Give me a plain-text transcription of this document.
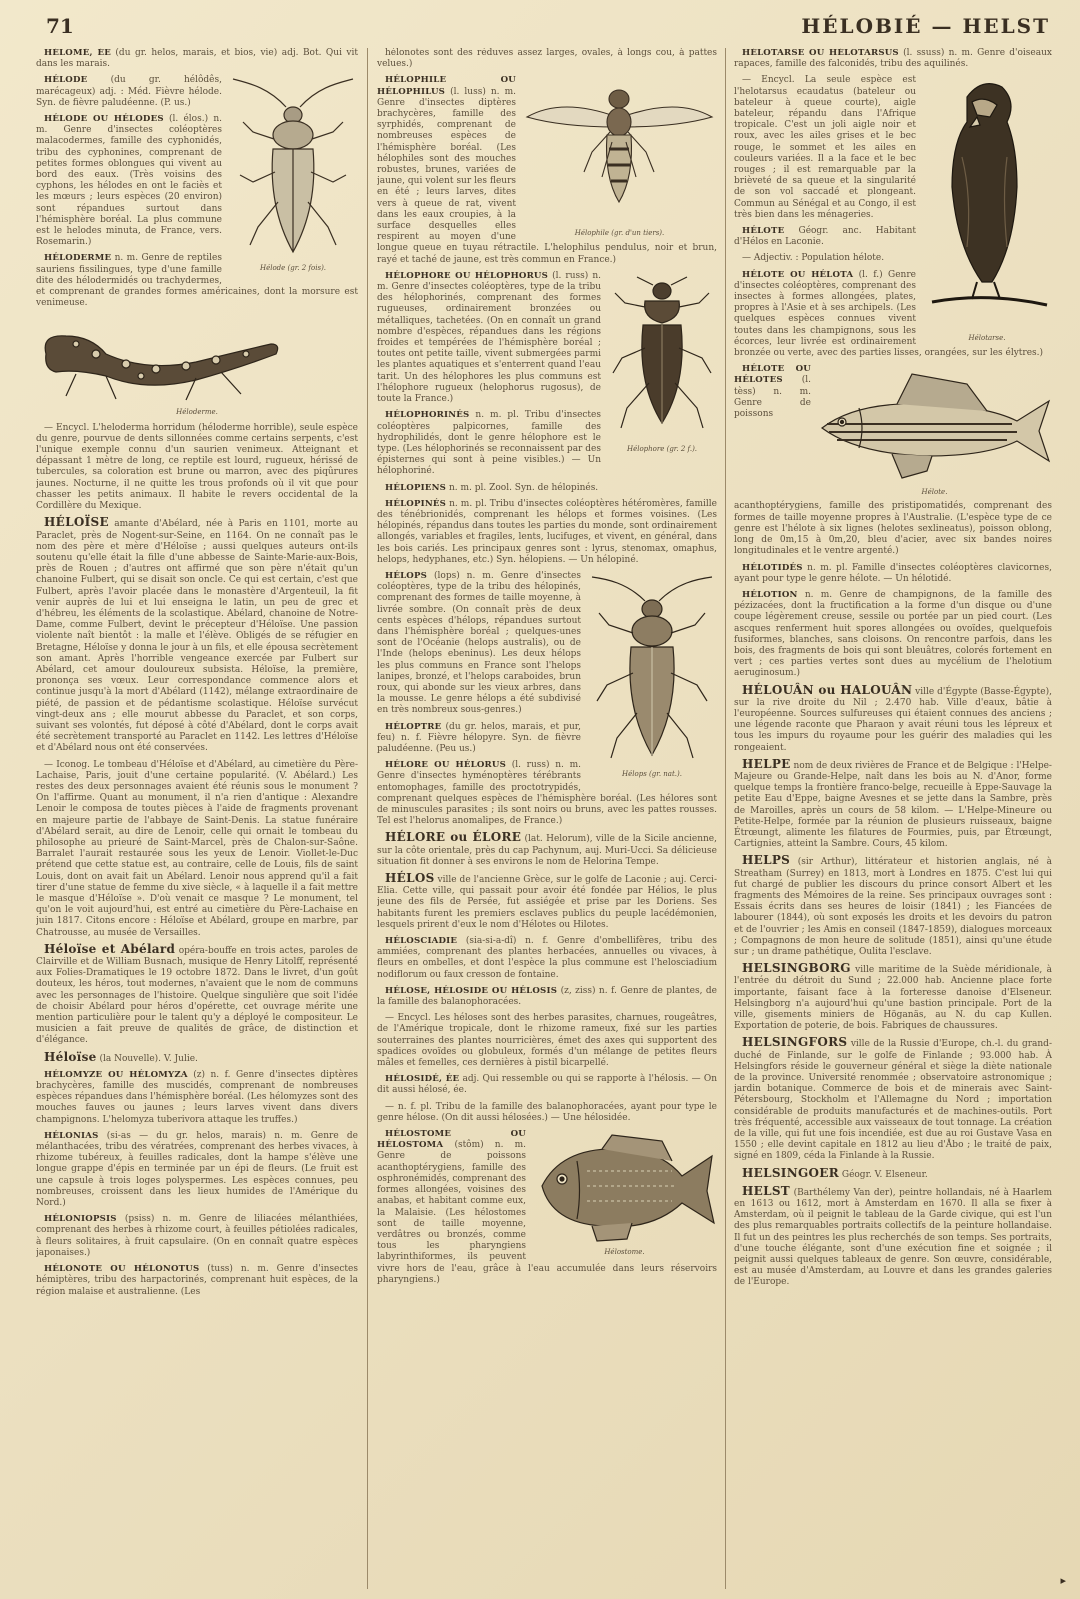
71	HÉLOBIÉ — HELST

HÉLOMÉ, ÉE (du gr. helos, marais, et bios, vie) adj. Bot. Qui vit dans les marais.

Hélode (gr. 2 fois).

HÉLODE	(du gr. hélôdês, marécageux) adj. : Méd. Fièvre hélode. Syn. de fièvre paludéenne. (P. us.)

HÉLODE OU HÉLODES (l. élos.) n. m. Genre d'insectes coléoptères malacodermes, famille des cyphonidés, tribu des cyphonines, comprenant de petites formes oblongues qui vivent au bord des eaux. (Très voisins des cyphons, les hélodes en ont le faciès et les mœurs ; leurs espèces (20 environ) sont répandues surtout dans l'hémisphère boréal. La plus commune est le helodes minuta, de France, vers. Rosemarin.)

HÉLODERME n. m. Genre de reptiles sauriens fissilingues, type d'une famille dite des hélodermidés ou trachydermes, et comprenant de grandes formes américaines, dont la morsure est venimeuse.

Héloderme.

— Encycl. L'heloderma horridum (héloderme horrible), seule espèce du genre, pourvue de dents sillonnées comme certains serpents, c'est l'unique exemple connu d'un saurien venimeux. Atteignant et dépassant 1 mètre de long, ce reptile est lourd, rugueux, hérissé de tubercules, sa coloration est brune ou marron, avec des piqûrures jaunes. Nocturne, il ne quitte les trous profonds où il vit que pour chasser les petits animaux. Il habite le revers occidental de la Cordillère du Mexique.

HÉLOÏSE amante d'Abélard, née à Paris en 1101, morte au Paraclet, près de Nogent-sur-Seine, en 1164. On ne connaît pas le nom des père et mère d'Héloïse ; aussi quelques auteurs ont-ils soutenu qu'elle était la fille d'une abbesse de Sainte-Marie-aux-Bois, près de Rouen ; d'autres ont affirmé que son père n'était qu'un chanoine Fulbert, qui se disait son oncle. Ce qui est certain, c'est que Fulbert, après l'avoir placée dans le monastère d'Argenteuil, la fit venir auprès de lui et lui enseigna le latin, un peu de grec et d'hébreu, les éléments de la scolastique. Abélard, chanoine de Notre-Dame, comme Fulbert, devint le précepteur d'Héloïse. Une passion violente naît bientôt : la malle et l'élève. Obligés de se réfugier en Bretagne, Héloïse y donna le jour à un fils, et elle épousa secrètement son amant. Après l'horrible vengeance exercée par Fulbert sur Abélard, cet amour douloureux subsista. Héloïse, la première, prononça ses vœux. Leur correspondance commence alors et continue jusqu'à la mort d'Abélard (1142), mélange extraordinaire de piété, de passion et de pédantisme scolastique. Héloïse survécut vingt-deux ans ; elle mourut abbesse du Paraclet, et son corps, suivant ses volontés, fut déposé à côté d'Abélard, dont le corps avait été secrètement transporté au Paraclet en 1142. Les lettres d'Héloïse et d'Abélard nous ont été conservées.

— Iconog. Le tombeau d'Héloïse et d'Abélard, au cimetière du Père-Lachaise, Paris, jouit d'une certaine popularité. (V. Abélard.) Les restes des deux personnages avaient été réunis sous le monument ? On l'affirme. Quant au monument, il n'a rien d'antique : Alexandre Lenoir le composa de toutes pièces à l'aide de fragments provenant en majeure partie de l'abbaye de Saint-Denis. La statue funéraire d'Abélard serait, au dire de Lenoir, celle qui ornait le tombeau du philosophe au prieuré de Saint-Marcel, près de Chalon-sur-Saône. Barralet l'aurait restaurée sous les yeux de Lenoir. Viollet-le-Duc prétend que cette statue est, au contraire, celle de Louis, fils de saint Louis, dont on avait fait un Abélard. Lenoir nous apprend qu'il a fait tirer d'une statue de femme du xive siècle, « à laquelle il a fait mettre le masque d'Héloïse ». D'où venait ce masque ? Le monument, tel qu'on le voit aujourd'hui, est entré au cimetière du Père-Lachaise en juin 1817. Citons encore : Héloïse et Abélard, groupe en marbre, par Chatrousse, au musée de Versailles.

Héloïse et Abélard opéra-bouffe en trois actes, paroles de Clairville et de William Busnach, musique de Henry Litolff, représenté aux Folies-Dramatiques le 19 octobre 1872. Dans le livret, d'un goût douteux, les héros, tout modernes, n'avaient que le nom de communs avec les personnages de l'histoire. Quelque singulière que soit l'idée de choisir Abélard pour héros d'opérette, cet ouvrage mérite une mention particulière pour le talent qu'y a déployé le compositeur. Le musicien a fait preuve de qualités de grâce, de distinction et d'élégance.

Héloïse (la Nouvelle). V. Julie.

HÉLOMYZE OU HÉLOMYZA (z) n. f. Genre d'insectes diptères brachycères, famille des muscidés, comprenant de nombreuses espèces répandues dans l'hémisphère boréal. (Les hélomyzes sont des mouches fauves ou jaunes ; leurs larves vivent dans divers champignons. L'helomyza tuberivora attaque les truffes.)

HÉLONIAS (si-as — du gr. helos, marais) n. m. Genre de mélanthacées, tribu des vératrées, comprenant des herbes vivaces, à rhizome tubéreux, à feuilles radicales, dont la hampe s'élève une longue grappe d'épis en terminée par un épi de fleurs. (Le fruit est une capsule à trois loges polyspermes. Les espèces connues, peu nombreuses, croissent dans les lieux humides de l'Amérique du Nord.)

HÉLONIOPSIS (psiss) n. m. Genre de liliacées mélanthiées, comprenant des herbes à rhizome court, à feuilles pétiolées radicales, à fleurs solitaires, à fruit capsulaire. (On en connaît quatre espèces japonaises.)

HÉLONOTE OU HÉLONOTUS (tuss) n. m. Genre d'insectes hémiptères, tribu des harpactorinés, comprenant huit espèces, de la région malaise et australienne. (Les

hélonotes sont des réduves assez larges, ovales, à longs cou, à pattes velues.)

Hélophile (gr. d'un tiers).

HÉLOPHILE OU HÉLOPHILUS (l. luss) n. m. Genre d'insectes diptères brachycères, famille des syrphidés, comprenant de nombreuses espèces de l'hémisphère boréal. (Les hélophiles sont des mouches robustes, brunes, variées de jaune, qui volent sur les fleurs en été ; leurs larves, dites vers à queue de rat, vivent dans les eaux croupies, à la surface desquelles elles respirent au moyen d'une longue queue en tuyau rétractile. L'helophilus pendulus, noir et brun, rayé et taché de jaune, est très commun en France.)

Hélophore (gr. 2 f.).

HÉLOPHORE OU HÉLOPHORUS (l. russ) n. m. Genre d'insectes coléoptères, type de la tribu des hélophorinés, comprenant des formes rugueuses, ordinairement bronzées ou métalliques, tachetées. (On en connaît un grand nombre d'espèces, répandues dans les régions froides et tempérées de l'hémisphère boréal ; toutes ont petite taille, vivent submergées parmi les plantes aquatiques et s'enterrent quand l'eau tarit. Un des hélophores les plus communs est l'hélophore rugueux (helophorus rugosus), de toute la France.)

HÉLOPHORINÉS n. m. pl. Tribu d'insectes coléoptères palpicornes, famille des hydrophilidés, dont le genre hélophore est le type. (Les hélophorinés se reconnaissent par des épisternes qui sont à peine visibles.) — Un hélophoriné.

HÉLOPIENS n. m. pl. Zool. Syn. de hélopinés.

HÉLOPINÉS n. m. pl. Tribu d'insectes coléoptères hétéromères, famille des ténébrionidés, comprenant les hélops et formes voisines. (Les hélopinés, répandus dans toutes les parties du monde, sont ordinairement allongés, variables et fragiles, lents, lucifuges, et vivent, en général, dans les bois cariés. Les principaux genres sont : lyrus, stenomax, omaphus, helops, hedyphanes, etc.) Syn. hélopiens. — Un hélopiné.

Hélops (gr. nat.).

HÉLOPS (lops) n. m. Genre d'insectes coléoptères, type de la tribu des hélopinés, comprenant des formes de taille moyenne, à livrée sombre. (On connaît près de deux cents espèces d'hélops, répandues surtout dans l'hémisphère boréal ; quelques-unes sont de l'Océanie (helops australis), ou de l'Inde (helops ebeninus). Les deux hélops les plus communs en France sont l'helops lanipes, bronzé, et l'helops caraboides, brun roux, qui abonde sur les vieux arbres, dans la mousse. Le genre hélops a été subdivisé en très nombreux sous-genres.)

HÉLOPTRE (du gr. helos, marais, et pur, feu) n. f. Fièvre hélopyre. Syn. de fièvre paludéenne. (Peu us.)

HÉLORE OU HÉLORUS (l. russ) n. m. Genre d'insectes hyménoptères térébrants entomophages, famille des proctotrypidés, comprenant quelques espèces de l'hémisphère boréal. (Les hélores sont de minuscules parasites ; ils sont noirs ou bruns, avec les pattes rousses. Tel est l'helorus anomalipes, de France.)

HÉLORE ou ÉLORE (lat. Helorum), ville de la Sicile ancienne, sur la côte orientale, près du cap Pachynum, auj. Muri-Ucci. Sa délicieuse situation fit donner à ses environs le nom de Helorina Tempe.

HÉLOS ville de l'ancienne Grèce, sur le golfe de Laconie ; auj. Cerci-Elia. Cette ville, qui passait pour avoir été fondée par Hélios, le plus jeune des fils de Persée, fut assiégée et prise par les Doriens. Ses habitants furent les premiers esclaves publics du peuple lacédémonien, lesquels prirent d'eux le nom d'Hélotes ou Hilotes.

HÉLOSCIADIE (sia-si-a-dî) n. f. Genre d'ombellifères, tribu des ammiées, comprenant des plantes herbacées, annuelles ou vivaces, à fleurs en ombelles, et dont l'espèce la plus commune est l'helosciadium nodiflorum ou faux cresson de fontaine.

HÉLOSE, HÉLOSIDE OU HÉLOSIS (z, ziss) n. f. Genre de plantes, de la famille des balanophoracées.

— Encycl. Les héloses sont des herbes parasites, charnues, rougeâtres, de l'Amérique tropicale, dont le rhizome rameux, fixé sur les parties souterraines des plantes nourricières, émet des axes qui supportent des spadices ovoïdes ou globuleux, formés d'un mélange de petites fleurs mâles et femelles, ces dernières à pistil bicarpellé.

HÉLOSIDÉ, ÉE adj. Qui ressemble ou qui se rapporte à l'hélosis. — On dit aussi hélosé, ée.

— n. f. pl. Tribu de la famille des balanophoracées, ayant pour type le genre hélose. (On dit aussi hélosées.) — Une hélosidée.

Hélostome.

HÉLOSTOME OU HÉLOSTOMA (stôm) n. m. Genre de poissons acanthoptérygiens, famille des osphronémidés, comprenant des formes allongées, voisines des anabas, et habitant comme eux, la Malaisie. (Les hélostomes sont de taille moyenne, verdâtres ou bronzés, comme tous les pharyngiens labyrinthiformes, ils peuvent vivre hors de l'eau, grâce à l'eau accumulée dans leurs réservoirs pharyngiens.)

HÉLOTARSE OU HÉLOTARSUS (l. ssuss) n. m. Genre d'oiseaux rapaces, famille des falconidés, tribu des aquilinés.

Hélotarse.

— Encycl. La seule espèce est l'helotarsus ecaudatus (bateleur ou bateleur à queue courte), aigle bateleur, répandu dans l'Afrique tropicale. C'est un joli aigle noir et roux, avec les ailes grises et le bec rouge, le sommet et les ailes en couleurs variées. Il a la face et le bec rouges ; il est remarquable par la brièveté de sa queue et la singularité de son vol saccadé et plongeant. Commun au Sénégal et au Congo, il est très bien dans les ménageries.

HÉLOTE Géogr. anc. Habitant d'Hélos en Laconie.

— Adjectiv. : Population hélote.

HÉLOTE OU HÉLOTA (l. f.) Genre d'insectes coléoptères, comprenant des insectes à formes allongées, plates, propres à l'Asie et à ses archipels. (Les quelques espèces connues vivent toutes dans les champignons, sous les écorces, leur livrée est ordinairement bronzée ou verte, avec des parties lisses, orangées, sur les élytres.)

Hélote.

HÉLOTE OU HÉLOTES (l. tèss) n. m. Genre de poissons acanthoptérygiens, famille des pristipomatidés, comprenant des formes de taille moyenne propres à l'Australie. (L'espèce type de ce genre est l'hélote à six lignes (helotes sexlineatus), poisson oblong, long de 0m,15 à 0m,20, bleu d'acier, avec six bandes noires longitudinales et le ventre argenté.)

HÉLOTIDÉS n. m. pl. Famille d'insectes coléoptères clavicornes, ayant pour type le genre hélote. — Un hélotidé.

HÉLOTION n. m. Genre de champignons, de la famille des pézizacées, dont la fructification a la forme d'un disque ou d'une coupe légèrement creuse, sessile ou portée par un pied court. (Les ascques renferment huit spores allongées ou ovoïdes, quelquefois fusiformes, blanches, sans cloisons. On rencontre parfois, dans les bois, des fragments de bois qui sont bleuâtres, colorés fortement en vert ; ces parties vertes sont dues au mycélium de l'helotium aeruginosum.)

HÉLOUÂN ou HALOUÂN ville d'Égypte (Basse-Égypte), sur la rive droite du Nil ; 2.470 hab. Ville d'eaux, bâtie à l'européenne. Sources sulfureuses qui étaient connues des anciens ; une légende raconte que Pharaon y avait réuni tous les lépreux et tous les impurs du royaume pour les guérir des maladies qui les rongeaient.

HELPE nom de deux rivières de France et de Belgique : l'Helpe-Majeure ou Grande-Helpe, naît dans les bois au N. d'Anor, forme quelque temps la frontière franco-belge, recueille à Eppe-Sauvage la petite Eau d'Eppe, baigne Avesnes et se jette dans la Sambre, près de Maroilles, après un cours de 58 kilom. — L'Helpe-Mineure ou Petite-Helpe, formée par la réunion de plusieurs ruisseaux, baigne Étrœungt, alimente les filatures de Fourmies, puis, par Étrœungt, Cartignies, atteint la Sambre. Cours, 45 kilom.

HELPS (sir Arthur), littérateur et historien anglais, né à Streatham (Surrey) en 1813, mort à Londres en 1875. C'est lui qui fut chargé de publier les discours du prince consort Albert et les fragments des Mémoires de la reine. Ses principaux ouvrages sont : Essais écrits dans ses heures de loisir (1841) ; les Fiancées de labourer (1844), où sont exposés les droits et les devoirs du patron et de l'ouvrier ; les Amis en conseil (1847-1859), dialogues morceaux ; Compagnons de mon heure de solitude (1851), ainsi qu'une étude sur ; un drame pathétique, Oulita l'esclave.

HELSINGBORG ville maritime de la Suède méridionale, à l'entrée du détroit du Sund ; 22.000 hab. Ancienne place forte importante, faisant face à la forteresse danoise d'Elseneur. Helsingborg n'a aujourd'hui qu'une bastion principale. Port de la ville, gisements miniers de Höganäs, au N. du cap Kullen. Exportation de poterie, de bois. Fabriques de chaussures.

HELSINGFORS ville de la Russie d'Europe, ch.-l. du grand-duché de Finlande, sur le golfe de Finlande ; 93.000 hab. À Helsingfors réside le gouverneur général et siège la diète nationale de la province. Université renommée ; observatoire astronomique ; jardin botanique. Commerce de bois et de minerais avec Saint-Pétersbourg, Stockholm et l'Allemagne du Nord ; importation considérable de produits manufacturés et de machines-outils. Port très fréquenté, accessible aux vaisseaux de tout tonnage. La création de la ville, qui fut une fois incendiée, est due au roi Gustave Vasa en 1550 ; elle devint capitale en 1812 au lieu d'Åbo ; le traité de paix, signé en 1809, céda la Finlande à la Russie.

HELSINGOER Géogr. V. Elseneur.

HELST (Barthélemy Van der), peintre hollandais, né à Haarlem en 1613 ou 1612, mort à Amsterdam en 1670. Il alla se fixer à Amsterdam, où il peignit le tableau de la Garde civique, qui est l'un des plus remarquables portraits collectifs de la peinture hollandaise. Il fut un des peintres les plus recherchés de son temps. Ses portraits, d'une touche élégante, sont d'une exécution fine et soignée ; il peignit aussi quelques tableaux de genre. Son œuvre, considérable, est au musée d'Amsterdam, au Louvre et dans les grandes galeries de l'Europe.

▸
